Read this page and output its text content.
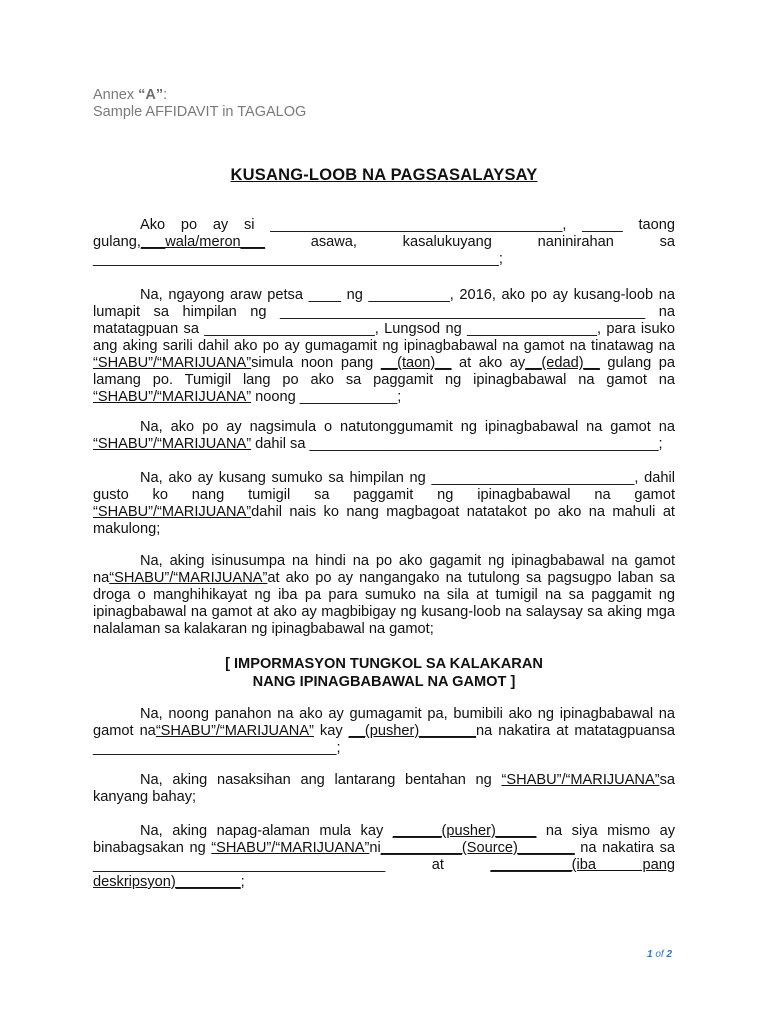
Annex “A”:
Sample AFFIDAVIT in TAGALOG
KUSANG-LOOB NA PAGSASALAYSAY

Ako po ay si ____________________________________, _____ taong gulang,___wala/meron___ asawa, kasalukuyang naninirahan sa __________________________________________________;

Na, ngayong araw petsa ____ ng __________, 2016, ako po ay kusang-loob na lumapit sa himpilan ng _____________________________________________ na matatagpuan sa _____________________, Lungsod ng ________________, para isuko ang aking sarili dahil ako po ay gumagamit ng ipinagbabawal na gamot na tinatawag na “SHABU”/“MARIJUANA”simula noon pang __(taon)__ at ako ay__(edad)__ gulang pa lamang po. Tumigil lang po ako sa paggamit ng ipinagbabawal na gamot na “SHABU”/“MARIJUANA” noong ____________;

Na, ako po ay nagsimula o natutonggumamit ng ipinagbabawal na gamot na “SHABU”/“MARIJUANA” dahil sa ___________________________________________;

Na, ako ay kusang sumuko sa himpilan ng _________________________, dahil gusto ko nang tumigil sa paggamit ng ipinagbabawal na gamot “SHABU”/“MARIJUANA”dahil nais ko nang magbagoat natatakot po ako na mahuli at makulong;

Na, aking isinusumpa na hindi na po ako gagamit ng ipinagbabawal na gamot na“SHABU”/“MARIJUANA”at ako po ay nangangako na tutulong sa pagsugpo laban sa droga o manghihikayat ng iba pa para sumuko na sila at tumigil na sa paggamit ng ipinagbabawal na gamot at ako ay magbibigay ng kusang-loob na salaysay sa aking mga nalalaman sa kalakaran ng ipinagbabawal na gamot;

[ IMPORMASYON TUNGKOL SA KALAKARAN
NANG IPINAGBABAWAL NA GAMOT ]

Na, noong panahon na ako ay gumagamit pa, bumibili ako ng ipinagbabawal na gamot na“SHABU”/“MARIJUANA” kay __(pusher)_______na nakatira at matatagpuansa ______________________________;

Na, aking nasaksihan ang lantarang bentahan ng “SHABU”/“MARIJUANA”sa kanyang bahay;

Na, aking napag-alaman mula kay ______(pusher)_____ na siya mismo ay binabagsakan ng “SHABU”/“MARIJUANA”ni__________(Source)_______ na nakatira sa ____________________________________ at __________(iba pang deskripsyon)________;

1 of 2
